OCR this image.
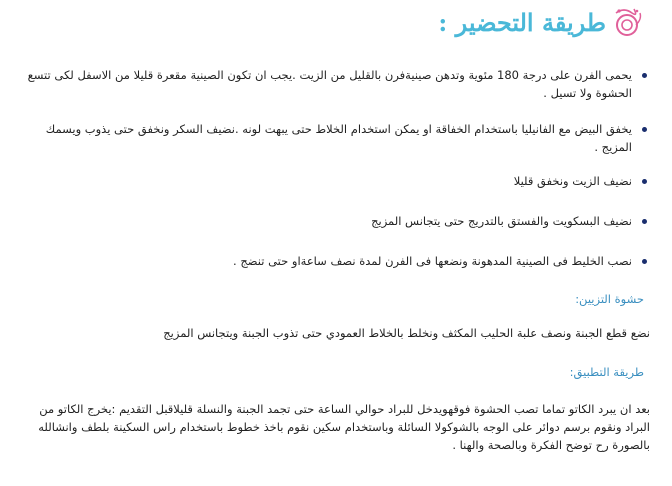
طريقة التحضير :
يحمى الفرن على درجة 180 مئوية وتدهن صينيةفرن بالقليل من الزيت .يجب ان تكون الصينية مقعرة قليلا من الاسفل لكى تتسع الحشوة ولا تسيل .
يخفق البيض مع الفانيليا باستخدام الخفاقة او يمكن استخدام الخلاط حتى يبهت لونه .نضيف السكر ونخفق حتى يذوب ويسمك المزيج .
نضيف الزيت ونخفق قليلا
نضيف البسكويت والفستق بالتدريج حتى يتجانس المزيج
نصب الخليط فى الصينية المدهونة ونضعها فى الفرن لمدة نصف ساعةاو حتى تنضج .

حشوة التزيين:

نضع قطع الجبنة ونصف علبة الحليب المكثف ونخلط بالخلاط العمودي حتى تذوب الجبنة ويتجانس المزيج

طريقة التطبيق:

بعد ان يبرد الكاتو تماما تصب الحشوة فوقهويدخل للبراد حوالي الساعة حتى تجمد الجبنة والنسلة قليلاقبل التقديم :يخرج الكاتو من البراد ونقوم برسم دوائر على الوجه بالشوكولا السائلة وباستخدام سكين نقوم باخذ خطوط باستخدام راس السكينة بلطف وانشالله بالصورة رح توضح الفكرة وبالصحة والهنا .
